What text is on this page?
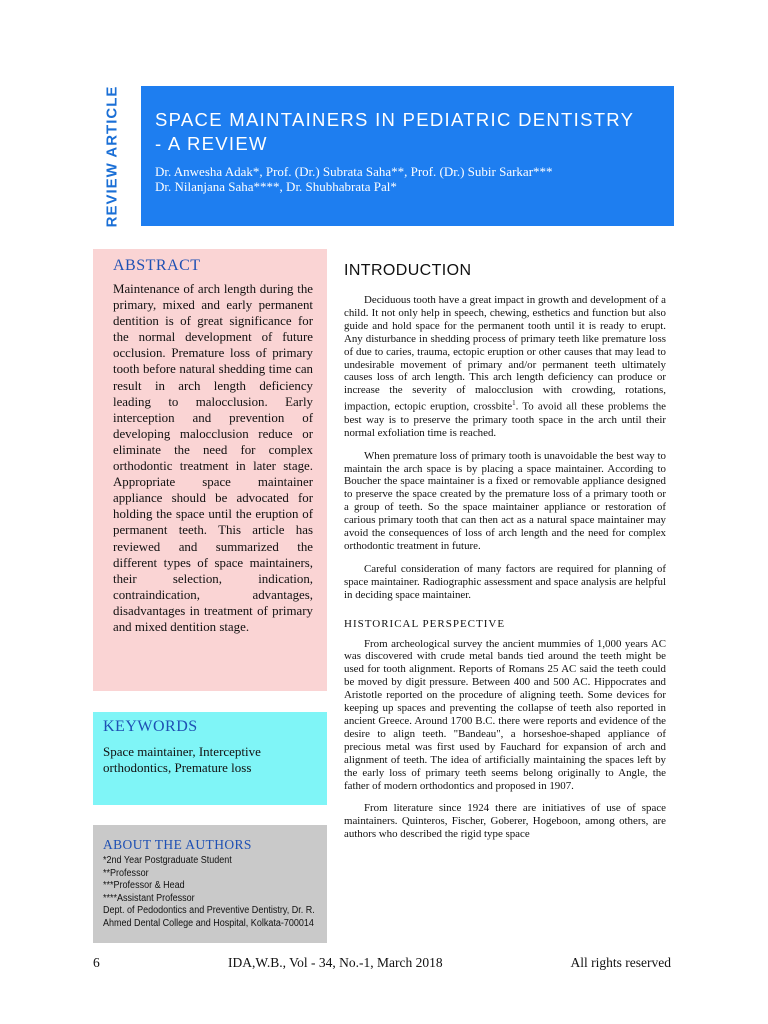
REVIEW ARTICLE SPACE MAINTAINERS IN PEDIATRIC DENTISTRY
- A REVIEW
Dr. Anwesha Adak*, Prof. (Dr.) Subrata Saha**, Prof. (Dr.) Subir Sarkar***
Dr. Nilanjana Saha****, Dr. Shubhabrata Pal*
ABSTRACT

Maintenance of arch length during the primary, mixed and early permanent dentition is of great significance for the normal development of future occlusion. Premature loss of primary tooth before natural shedding time can result in arch length deficiency leading to malocclusion. Early interception and prevention of developing malocclusion reduce or eliminate the need for complex orthodontic treatment in later stage. Appropriate space maintainer appliance should be advocated for holding the space until the eruption of permanent teeth. This article has reviewed and summarized the different types of space maintainers, their selection, indication, contraindication, advantages, disadvantages in treatment of primary and mixed dentition stage.

KEYWORDS

Space maintainer, Interceptive orthodontics, Premature loss

ABOUT THE AUTHORS
*2nd Year Postgraduate Student
**Professor
***Professor & Head
****Assistant Professor
Dept. of Pedodontics and Preventive Dentistry, Dr. R.
Ahmed Dental College and Hospital, Kolkata-700014
INTRODUCTION

Deciduous tooth have a great impact in growth and development of a child. It not only help in speech, chewing, esthetics and function but also guide and hold space for the permanent tooth until it is ready to erupt. Any disturbance in shedding process of primary teeth like premature loss of due to caries, trauma, ectopic eruption or other causes that may lead to undesirable movement of primary and/or permanent teeth ultimately causes loss of arch length. This arch length deficiency can produce or increase the severity of malocclusion with crowding, rotations, impaction, ectopic eruption, crossbite$^1$. To avoid all these problems the best way is to preserve the primary tooth space in the arch until their normal exfoliation time is reached.

When premature loss of primary tooth is unavoidable the best way to maintain the arch space is by placing a space maintainer. According to Boucher the space maintainer is a fixed or removable appliance designed to preserve the space created by the premature loss of a primary tooth or a group of teeth. So the space maintainer appliance or restoration of carious primary tooth that can then act as a natural space maintainer may avoid the consequences of loss of arch length and the need for complex orthodontic treatment in future.

Careful consideration of many factors are required for planning of space maintainer. Radiographic assessment and space analysis are helpful in deciding space maintainer.

HISTORICAL PERSPECTIVE

From archeological survey the ancient mummies of 1,000 years AC was discovered with crude metal bands tied around the teeth might be used for tooth alignment. Reports of Romans 25 AC said the teeth could be moved by digit pressure. Between 400 and 500 AC. Hippocrates and Aristotle reported on the procedure of aligning teeth. Some devices for keeping up spaces and preventing the collapse of teeth also reported in ancient Greece. Around 1700 B.C. there were reports and evidence of the desire to align teeth. "Bandeau", a horseshoe-shaped appliance of precious metal was first used by Fauchard for expansion of arch and alignment of teeth. The idea of artificially maintaining the spaces left by the early loss of primary teeth seems belong originally to Angle, the father of modern orthodontics and proposed in 1907.

From literature since 1924 there are initiatives of use of space maintainers. Quinteros, Fischer, Goberer, Hogeboon, among others, are authors who described the rigid type space

6	IDA,W.B., Vol - 34, No.-1, March 2018	All rights reserved
